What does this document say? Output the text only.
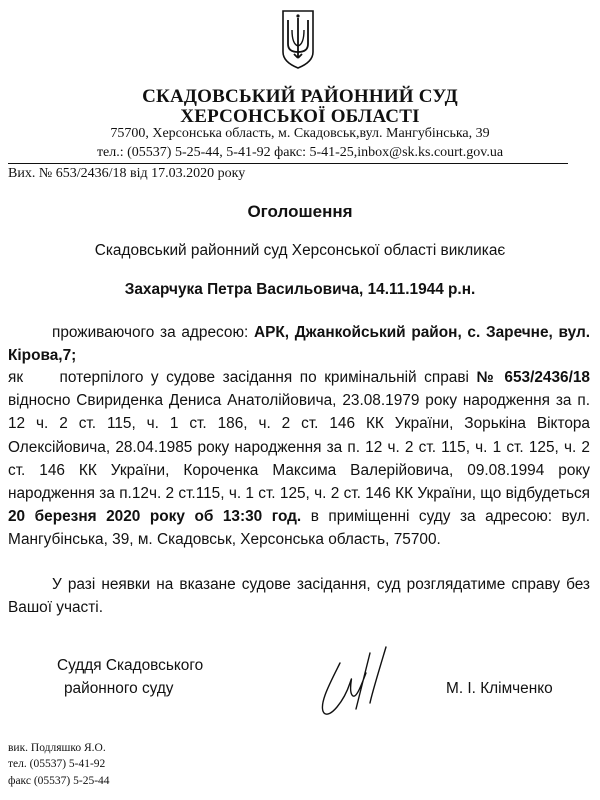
СКАДОВСЬКИЙ РАЙОННИЙ СУД
ХЕРСОНСЬКОЇ ОБЛАСТІ
75700, Херсонська область, м. Скадовськ,вул. Мангубінська, 39
тел.: (05537) 5-25-44, 5-41-92 факс: 5-41-25,inbox@sk.ks.court.gov.ua
Вих. № 653/2436/18 від 17.03.2020 року
Оголошення
Скадовський районний суд Херсонської області викликає
Захарчука Петра Васильовича, 14.11.1944 р.н.
проживаючого за адресою: АРК, Джанкойський район, с. Заречне, вул. Кірова,7;
як потерпілого у судове засідання по кримінальній справі № 653/2436/18 відносно Свириденка Дениса Анатолійовича, 23.08.1979 року народження за п. 12 ч. 2 ст. 115, ч. 1 ст. 186, ч. 2 ст. 146 КК України, Зорькіна Віктора Олексійовича, 28.04.1985 року народження за п. 12 ч. 2 ст. 115, ч. 1 ст. 125, ч. 2 ст. 146 КК України, Короченка Максима Валерійовича, 09.08.1994 року народження за п.12ч. 2 ст.115, ч. 1 ст. 125, ч. 2 ст. 146 КК України, що відбудеться 20 березня 2020 року об 13:30 год. в приміщенні суду за адресою: вул. Мангубінська, 39, м. Скадовськ, Херсонська область, 75700.
У разі неявки на вказане судове засідання, суд розглядатиме справу без Вашої участі.
Суддя Скадовського
районного суду	М. І. Клімченко
вик. Подляшко Я.О.
тел. (05537) 5-41-92
факс (05537) 5-25-44
